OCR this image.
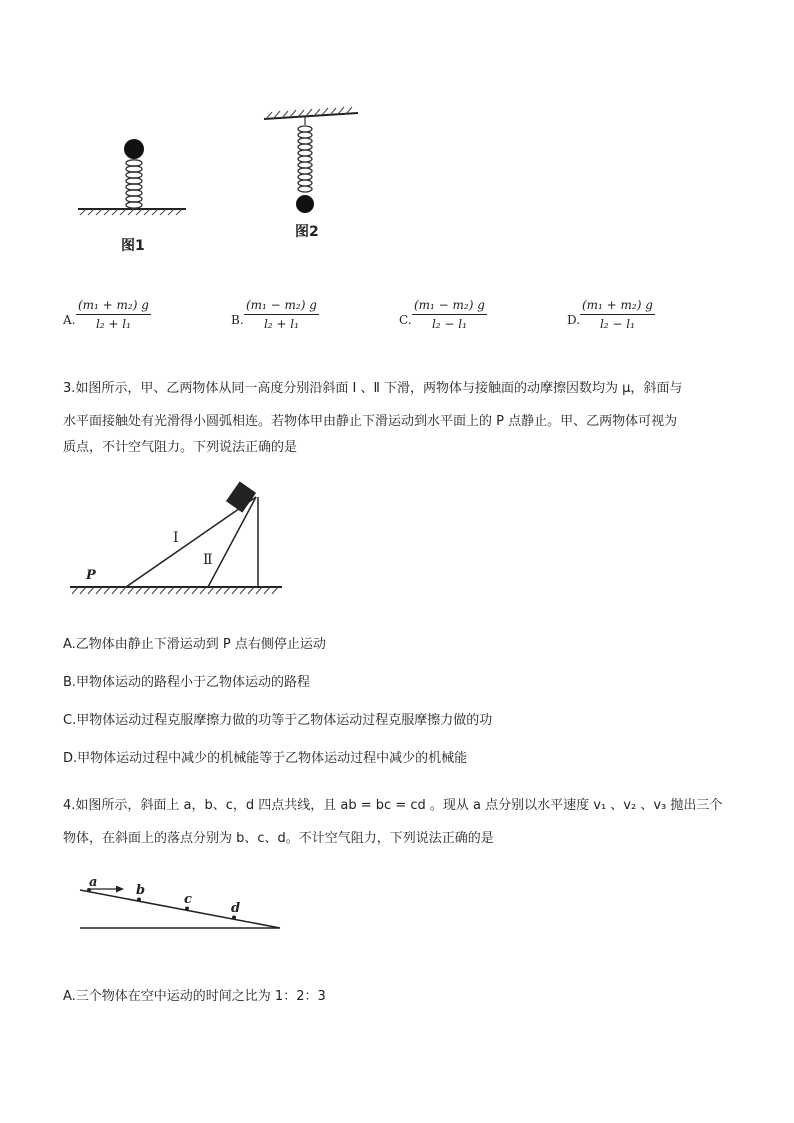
图1
图2
A. $\frac{\text{(m₁ + m₂) g}}{\text{l₂ + l₁}}$	B. $\frac{\text{(m₁ − m₂) g}}{\text{l₂ + l₁}}$	C. $\frac{\text{(m₁ − m₂) g}}{\text{l₂ − l₁}}$	D. $\frac{\text{(m₁ + m₂) g}}{\text{l₂ − l₁}}$
3.如图所示，甲、乙两物体从同一高度分别沿斜面 Ⅰ 、Ⅱ 下滑，两物体与接触面的动摩擦因数均为 μ，斜面与
水平面接触处有光滑得小圆弧相连。若物体甲由静止下滑运动到水平面上的 P 点静止。甲、乙两物体可视为
质点，不计空气阻力。下列说法正确的是
P
Ⅰ
Ⅱ
A.乙物体由静止下滑运动到 P 点右侧停止运动
B.甲物体运动的路程小于乙物体运动的路程
C.甲物体运动过程克服摩擦力做的功等于乙物体运动过程克服摩擦力做的功
D.甲物体运动过程中减少的机械能等于乙物体运动过程中减少的机械能
4.如图所示，斜面上 a，b、c，d 四点共线，且 ab = bc = cd 。现从 a 点分别以水平速度 v₁ 、v₂ 、v₃ 抛出三个
物体，在斜面上的落点分别为 b、c、d。不计空气阻力，下列说法正确的是
a
b
c
d
A.三个物体在空中运动的时间之比为 1：2：3
